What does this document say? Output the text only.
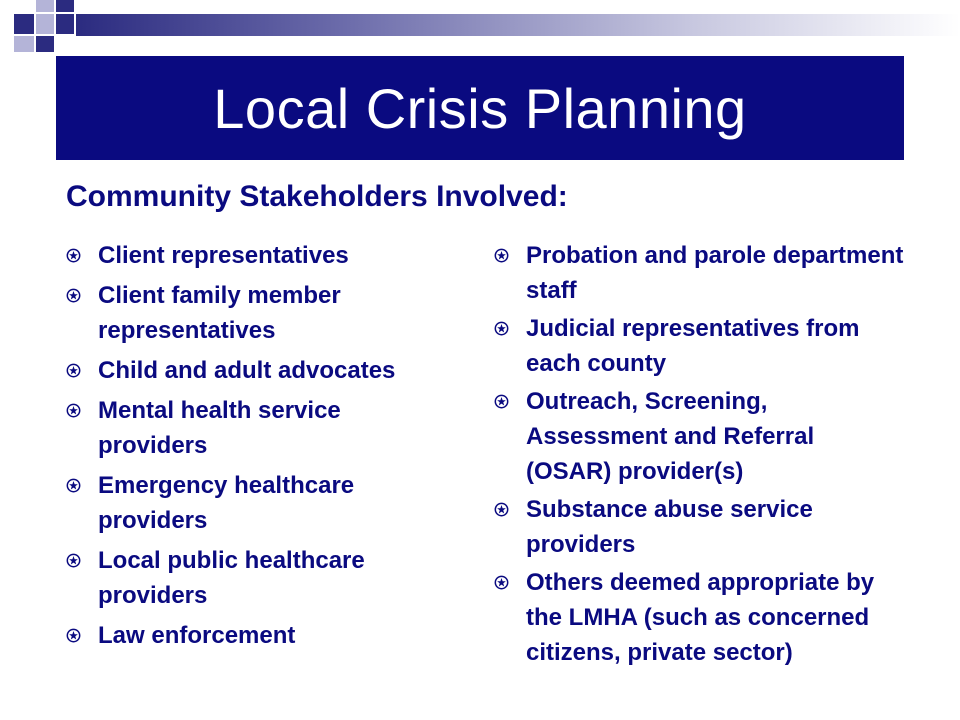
Local Crisis Planning
Community Stakeholders Involved:
Client representatives
Client family member representatives
Child and adult advocates
Mental health service providers
Emergency healthcare providers
Local public healthcare providers
Law enforcement
Probation and parole department staff
Judicial representatives from each county
Outreach, Screening, Assessment and Referral (OSAR) provider(s)
Substance abuse service providers
Others deemed appropriate by the LMHA (such as concerned citizens, private sector)
